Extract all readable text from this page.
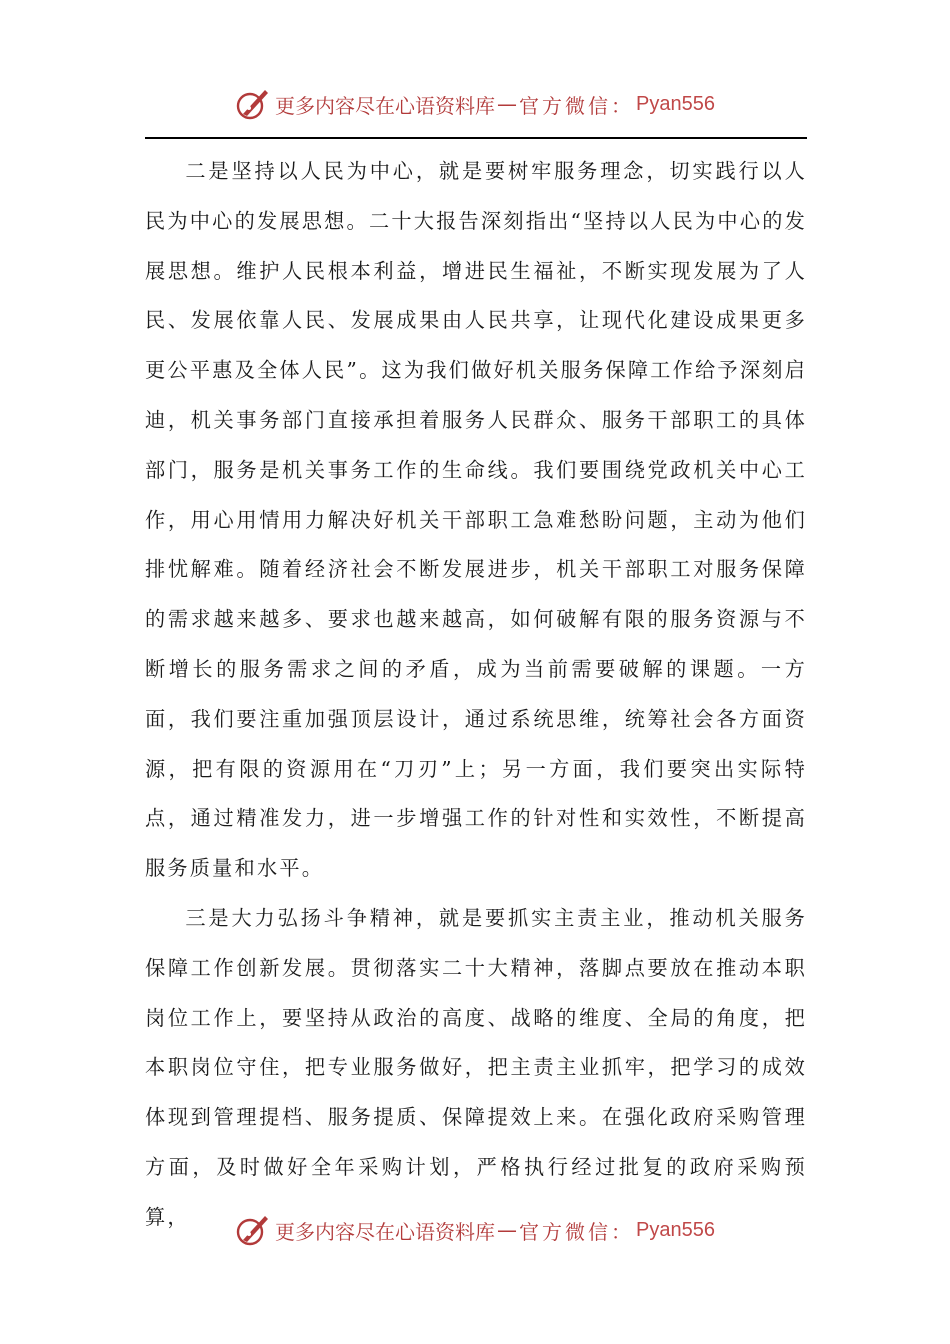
更多内容尽在心语资料库 — 官方微信： Pyan556

二是坚持以人民为中心，就是要树牢服务理念，切实践行以人民为中心的发展思想。二十大报告深刻指出“坚持以人民为中心的发展思想。维护人民根本利益，增进民生福祉，不断实现发展为了人民、发展依靠人民、发展成果由人民共享，让现代化建设成果更多更公平惠及全体人民”。这为我们做好机关服务保障工作给予深刻启迪，机关事务部门直接承担着服务人民群众、服务干部职工的具体部门，服务是机关事务工作的生命线。我们要围绕党政机关中心工作，用心用情用力解决好机关干部职工急难愁盼问题，主动为他们排忧解难。随着经济社会不断发展进步，机关干部职工对服务保障的需求越来越多、要求也越来越高，如何破解有限的服务资源与不断增长的服务需求之间的矛盾，成为当前需要破解的课题。一方面，我们要注重加强顶层设计，通过系统思维，统筹社会各方面资源，把有限的资源用在“刀刃”上；另一方面，我们要突出实际特点，通过精准发力，进一步增强工作的针对性和实效性，不断提高服务质量和水平。

三是大力弘扬斗争精神，就是要抓实主责主业，推动机关服务保障工作创新发展。贯彻落实二十大精神，落脚点要放在推动本职岗位工作上，要坚持从政治的高度、战略的维度、全局的角度，把本职岗位守住，把专业服务做好，把主责主业抓牢，把学习的成效体现到管理提档、服务提质、保障提效上来。在强化政府采购管理方面，及时做好全年采购计划，严格执行经过批复的政府采购预算，

更多内容尽在心语资料库 — 官方微信： Pyan556
